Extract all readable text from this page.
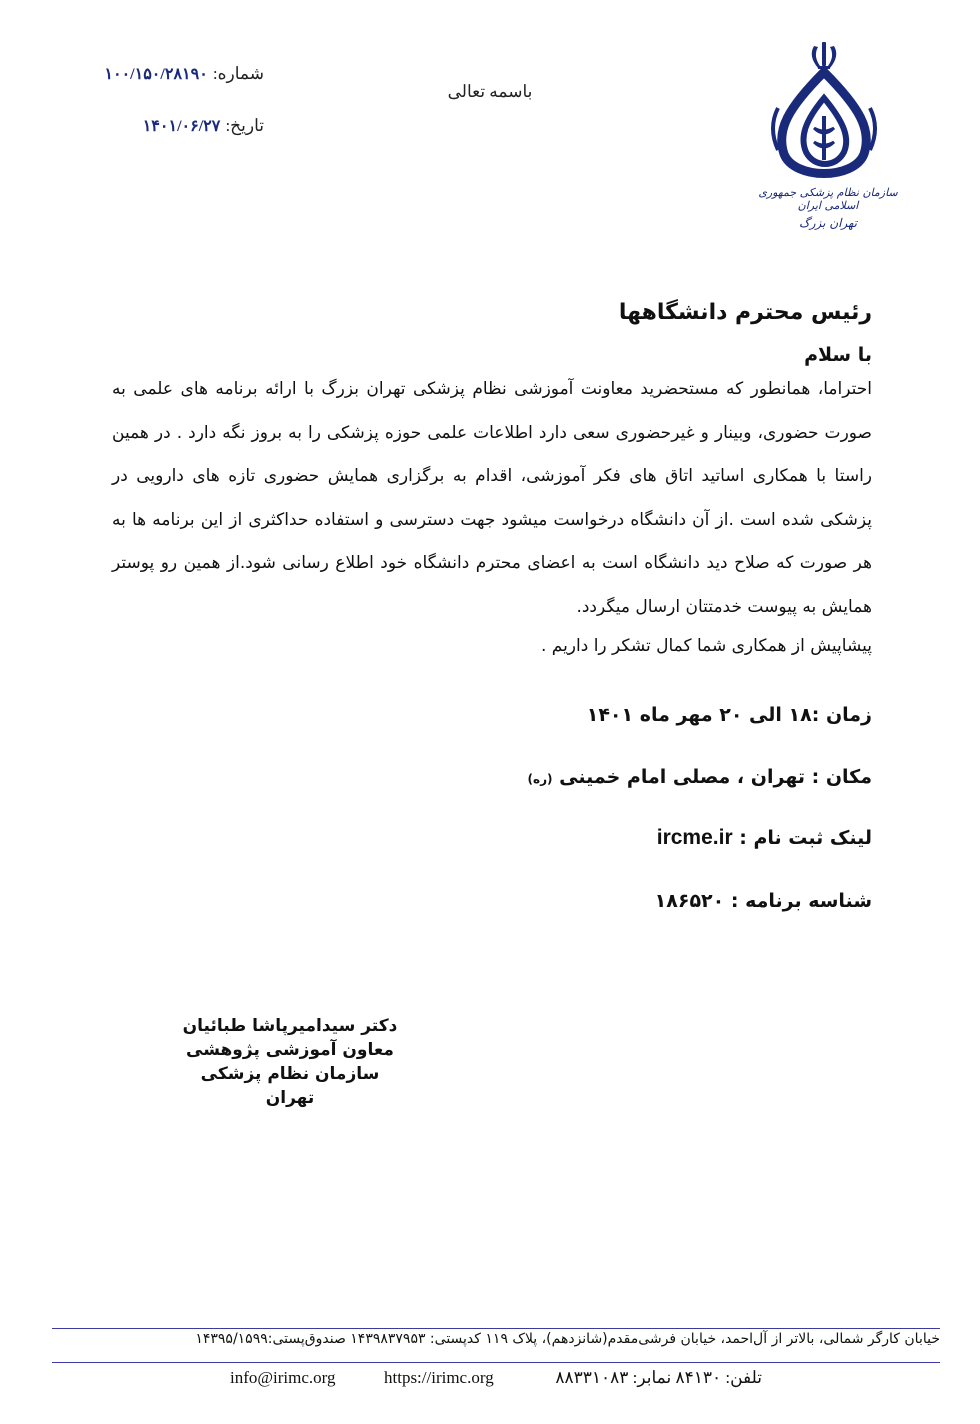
شماره: ۱۰۰/۱۵۰/۲۸۱۹۰
تاریخ: ۱۴۰۱/۰۶/۲۷
باسمه تعالی
سازمان نظام پزشکی جمهوری اسلامی ایران
تهران بزرگ
رئیس محترم دانشگاهها
با سلام
احتراما، همانطور که مستحضرید معاونت آموزشی نظام پزشکی تهران بزرگ با ارائه برنامه های علمی به صورت حضوری، وبینار و غیرحضوری سعی دارد اطلاعات علمی حوزه پزشکی را به بروز نگه دارد . در همین راستا با همکاری اساتید اتاق های فکر آموزشی، اقدام به برگزاری همایش حضوری تازه های دارویی در پزشکی شده است .از آن دانشگاه درخواست میشود جهت دسترسی و استفاده حداکثری از این برنامه ها به هر صورت که صلاح دید دانشگاه است به اعضای محترم دانشگاه خود اطلاع رسانی شود.از همین رو پوستر همایش به پیوست خدمتتان ارسال میگردد.
پیشاپیش از همکاری شما کمال تشکر را داریم .
زمان :۱۸ الی ۲۰ مهر ماه ۱۴۰۱
مکان : تهران ، مصلی امام خمینی (ره)
لینک ثبت نام : ircme.ir
شناسه برنامه : ۱۸۶۵۲۰
دکتر سیدامیرپاشا طبائیان
معاون آموزشی پژوهشی
سازمان نظام پزشکی تهران
خیابان کارگر شمالی، بالاتر از آل‌احمد، خیابان فرشی‌مقدم(شانزدهم)، پلاک ۱۱۹ کدپستی: ۱۴۳۹۸۳۷۹۵۳ صندوق‌پستی:۱۴۳۹۵/۱۵۹۹
تلفن: ۸۴۱۳۰ نمابر: ۸۸۳۳۱۰۸۳
https://irimc.org
info@irimc.org
